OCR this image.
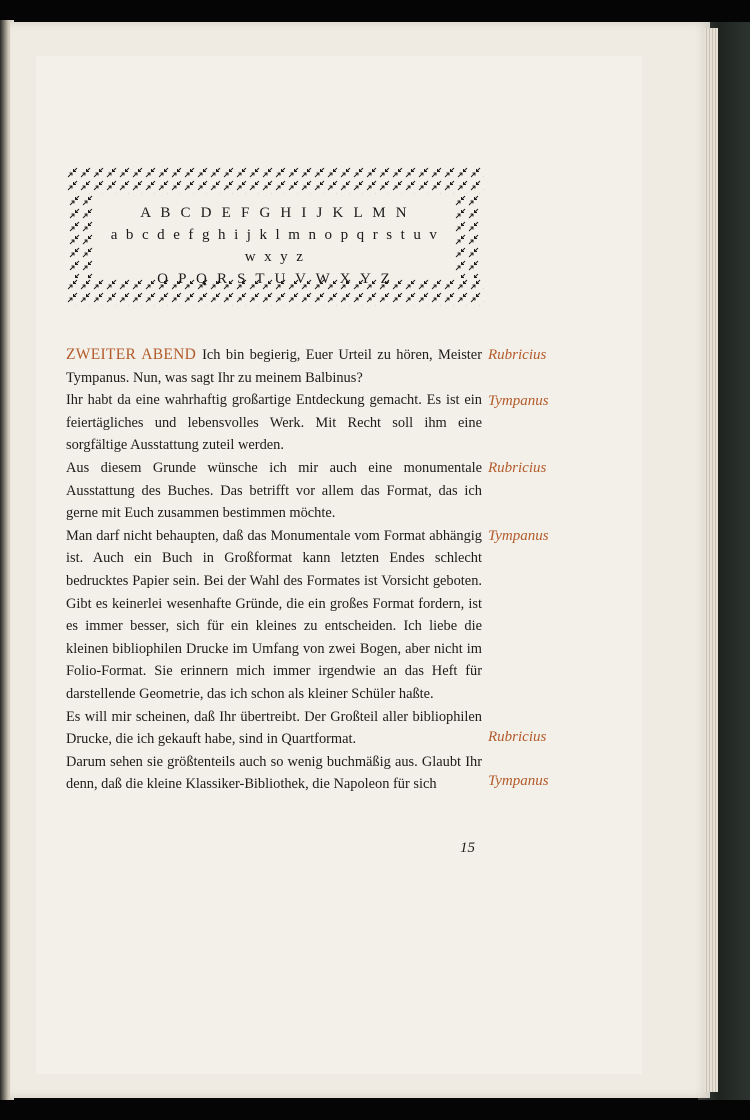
A B C D E F G H I J K L M N
a b c d e f g h i j k l m n o p q r s t u v w x y z
O P Q R S T U V W X Y Z

ZWEITER ABEND Ich bin begierig, Euer Urteil zu hören, Meister Tympanus. Nun, was sagt Ihr zu meinem Balbinus?

Ihr habt da eine wahrhaftig großartige Entdeckung gemacht. Es ist ein feiertägliches und lebensvolles Werk. Mit Recht soll ihm eine sorgfältige Ausstattung zuteil werden.

Aus diesem Grunde wünsche ich mir auch eine monumentale Ausstattung des Buches. Das betrifft vor allem das Format, das ich gerne mit Euch zusammen bestimmen möchte.

Man darf nicht behaupten, daß das Monumentale vom Format abhängig ist. Auch ein Buch in Großformat kann letzten Endes schlecht bedrucktes Papier sein. Bei der Wahl des Formates ist Vorsicht geboten. Gibt es keinerlei wesenhafte Gründe, die ein großes Format fordern, ist es immer besser, sich für ein kleines zu entscheiden. Ich liebe die kleinen bibliophilen Drucke im Umfang von zwei Bogen, aber nicht im Folio-Format. Sie erinnern mich immer irgendwie an das Heft für darstellende Geometrie, das ich schon als kleiner Schüler haßte.

Es will mir scheinen, daß Ihr übertreibt. Der Großteil aller bibliophilen Drucke, die ich gekauft habe, sind in Quartformat.

Darum sehen sie größtenteils auch so wenig buchmäßig aus. Glaubt Ihr denn, daß die kleine Klassiker-Bibliothek, die Napoleon für sich

Rubricius
Tympanus
Rubricius
Tympanus
Rubricius
Tympanus
15
